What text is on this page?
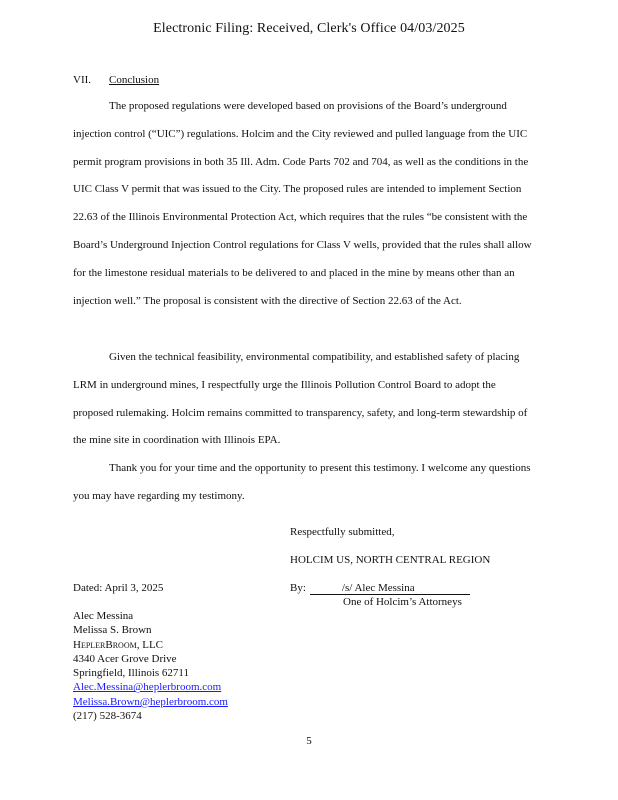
Electronic Filing: Received, Clerk's Office 04/03/2025
VII. Conclusion

The proposed regulations were developed based on provisions of the Board’s underground injection control (“UIC”) regulations. Holcim and the City reviewed and pulled language from the UIC permit program provisions in both 35 Ill. Adm. Code Parts 702 and 704, as well as the conditions in the UIC Class V permit that was issued to the City. The proposed rules are intended to implement Section 22.63 of the Illinois Environmental Protection Act, which requires that the rules “be consistent with the Board’s Underground Injection Control regulations for Class V wells, provided that the rules shall allow for the limestone residual materials to be delivered to and placed in the mine by means other than an injection well.” The proposal is consistent with the directive of Section 22.63 of the Act.

Given the technical feasibility, environmental compatibility, and established safety of placing LRM in underground mines, I respectfully urge the Illinois Pollution Control Board to adopt the proposed rulemaking. Holcim remains committed to transparency, safety, and long-term stewardship of the mine site in coordination with Illinois EPA.

Thank you for your time and the opportunity to present this testimony. I welcome any questions you may have regarding my testimony.

Respectfully submitted,
HOLCIM US, NORTH CENTRAL REGION
Dated: April 3, 2025	By:	/s/ Alec Messina
One of Holcim’s Attorneys
Alec Messina
Melissa S. Brown
HeplerBroom, LLC
4340 Acer Grove Drive
Springfield, Illinois 62711
Alec.Messina@heplerbroom.com
Melissa.Brown@heplerbroom.com
(217) 528-3674
5
